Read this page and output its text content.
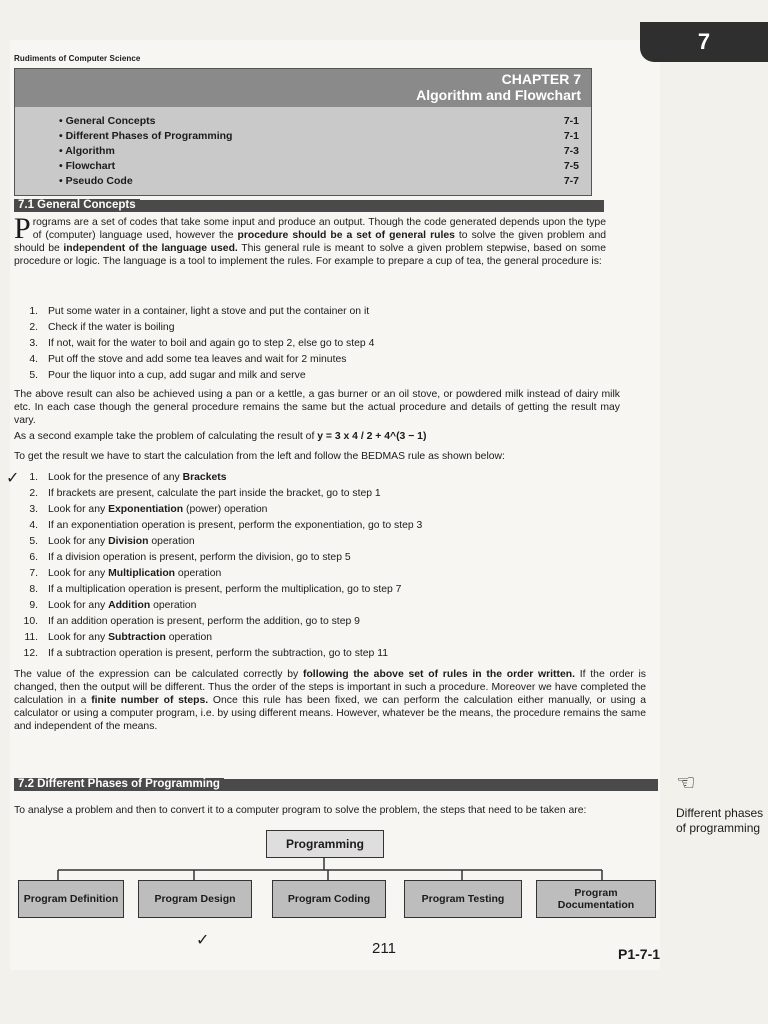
7
Rudiments of Computer Science
CHAPTER 7
Algorithm and Flowchart
• General Concepts	7-1
• Different Phases of Programming	7-1
• Algorithm	7-3
• Flowchart	7-5
• Pseudo Code	7-7
7.1 General Concepts
Programs are a set of codes that take some input and produce an output. Though the code generated depends upon the type of (computer) language used, however the procedure should be a set of general rules to solve the given problem and should be independent of the language used. This general rule is meant to solve a given problem stepwise, based on some procedure or logic. The language is a tool to implement the rules. For example to prepare a cup of tea, the general procedure is:
1. Put some water in a container, light a stove and put the container on it
2. Check if the water is boiling
3. If not, wait for the water to boil and again go to step 2, else go to step 4
4. Put off the stove and add some tea leaves and wait for 2 minutes
5. Pour the liquor into a cup, add sugar and milk and serve
The above result can also be achieved using a pan or a kettle, a gas burner or an oil stove, or powdered milk instead of dairy milk etc. In each case though the general procedure remains the same but the actual procedure and details of getting the result may vary.
As a second example take the problem of calculating the result of y = 3 x 4 / 2 + 4^(3 − 1)
To get the result we have to start the calculation from the left and follow the BEDMAS rule as shown below:
1. Look for the presence of any Brackets
2. If brackets are present, calculate the part inside the bracket, go to step 1
3. Look for any Exponentiation (power) operation
4. If an exponentiation operation is present, perform the exponentiation, go to step 3
5. Look for any Division operation
6. If a division operation is present, perform the division, go to step 5
7. Look for any Multiplication operation
8. If a multiplication operation is present, perform the multiplication, go to step 7
9. Look for any Addition operation
10. If an addition operation is present, perform the addition, go to step 9
11. Look for any Subtraction operation
12. If a subtraction operation is present, perform the subtraction, go to step 11
The value of the expression can be calculated correctly by following the above set of rules in the order written. If the order is changed, then the output will be different. Thus the order of the steps is important in such a procedure. Moreover we have completed the calculation in a finite number of steps. Once this rule has been fixed, we can perform the calculation either manually, or using a calculator or using a computer program, i.e. by using different means. However, whatever be the means, the procedure remains the same and independent of the means.
7.2 Different Phases of Programming
To analyse a problem and then to convert it to a computer program to solve the problem, the steps that need to be taken are:
☜
Different phases of programming
Programming
Program Definition	Program Design	Program Coding	Program Testing	Program Documentation
✓
✓	211	P1-7-1
